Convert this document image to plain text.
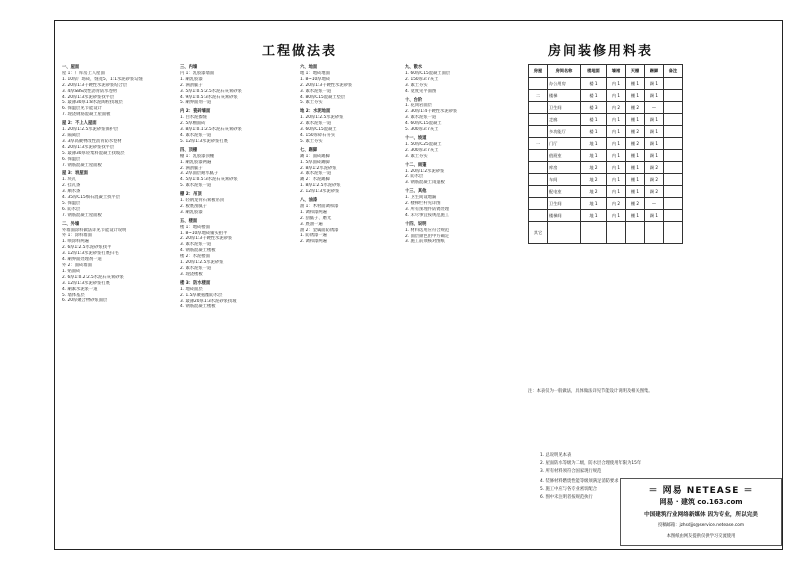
工程做法表	房间装修用料表
一、屋面
屋 1：厂库房上人屋面
1. 10厚广场砖，缝宽5，1:1水泥砂浆勾缝
2. 20厚1:3干硬性水泥砂浆结合层
3. 4厚SBS改性沥青防水卷材
4. 20厚1:3水泥砂浆找平层
5. 最薄30厚1:8水泥陶粒找坡层
6. 保温层见节能设计
7. 现浇钢筋混凝土屋面板
屋 2：不上人屋面
1. 20厚1:2.5水泥砂浆保护层
2. 隔离层
3. 3厚高聚物改性沥青防水卷材
4. 20厚1:3水泥砂浆找平层
5. 最薄30厚轻集料混凝土找坡层
6. 保温层
7. 钢筋混凝土屋面板
屋 3：坡屋面
1. 块瓦
2. 挂瓦条
3. 顺水条
4. 35厚C15细石混凝土找平层
5. 保温层
6. 防水层
7. 钢筋混凝土屋面板
二、外墙
外墙面涂料做法详见节能设计说明
外 1：涂料墙面
1. 喷涂料两遍
2. 6厚1:2.5水泥砂浆找平
3. 12厚1:3水泥砂浆打底扫毛
4. 刷界面处理剂一道
外 2：面砖墙面
1. 贴面砖
2. 6厚1:0.2:2.5水泥石灰膏砂浆
3. 12厚1:3水泥砂浆打底
4. 刷素水泥浆一道
5. 墙体基层
6. 20厚聚合物砂浆面层
三、内墙
内 1：乳胶漆墙面
1. 刷乳胶漆
2. 满刮腻子
3. 5厚1:0.5:2.5水泥石灰膏砂浆
4. 9厚1:0.5:3水泥石灰膏砂浆
5. 刷界面剂一道
内 2：瓷砖墙面
1. 白水泥擦缝
2. 5厚釉面砖
3. 8厚1:0.1:2.5水泥石灰膏砂浆
4. 素水泥浆一道
5. 12厚1:3水泥砂浆打底
四、顶棚
棚 1：乳胶漆顶棚
1. 刷乳胶漆两遍
2. 满刮腻子
3. 2厚面层耐水腻子
4. 5厚1:0.5:3水泥石灰膏砂浆
5. 素水泥浆一道
棚 2：吊顶
1. 轻钢龙骨石膏板吊顶
2. 板底刮腻子
3. 刷乳胶漆
五、楼面
楼 1：地砖楼面
1. 8~10厚地砖铺实拍平
2. 20厚1:3干硬性水泥砂浆
3. 素水泥浆一道
4. 钢筋混凝土楼板
楼 2：水泥楼面
1. 20厚1:2.5水泥砂浆
2. 素水泥浆一道
3. 现浇楼板
楼 3：防水楼面
1. 地砖面层
2. 1.5厚聚氨酯防水层
3. 最薄20厚1:3水泥砂浆找坡
4. 钢筋混凝土楼板
六、地面
地 1：地砖地面
1. 8~10厚地砖
2. 20厚1:3干硬性水泥砂浆
3. 素水泥浆一道
4. 80厚C15混凝土垫层
5. 素土夯实
地 2：水泥地面
1. 20厚1:2.5水泥砂浆
2. 素水泥浆一道
3. 60厚C15混凝土
4. 150厚碎石夯实
5. 素土夯实
七、踢脚
踢 1：面砖踢脚
1. 5厚面砖踢脚
2. 8厚1:2水泥砂浆
3. 素水泥浆一道
踢 2：水泥踢脚
1. 8厚1:2.5水泥砂浆
2. 12厚1:3水泥砂浆
八、油漆
油 1：木材面调和漆
1. 调和漆两遍
2. 刮腻子、磨光
3. 底油一遍
油 2：金属面防锈漆
1. 防锈漆一遍
2. 调和漆两遍
九、散水
1. 60厚C15混凝土面层
2. 150厚3:7灰土
3. 素土夯实
4. 宽度见平面图
十、台阶
1. 花岗岩面层
2. 30厚1:4干硬性水泥砂浆
3. 素水泥浆一道
4. 60厚C15混凝土
5. 300厚3:7灰土
十一、坡道
1. 50厚C25混凝土
2. 300厚3:7灰土
3. 素土夯实
十二、雨篷
1. 20厚1:2水泥砂浆
2. 防水层
3. 钢筋混凝土雨篷板
十三、其他
1. 卫生间设地漏
2. 楼梯栏杆见详图
3. 所有预埋件防锈处理
4. 未尽事宜按规范施工
十四、说明
1. 材料选用应符合规范
2. 面层颜色由甲方确定
3. 施工前须核对图纸
房屋	房间名称	楼地面	墙裙	天棚	踢脚	备注
	办公用房	楼 1	内 1	棚 1	踢 1	
二	楼梯	楼 1	内 1	棚 1	踢 1	
	卫生间	楼 3	内 2	棚 2	—	
	走廊	楼 1	内 1	棚 1	踢 1	
	多功能厅	楼 1	内 1	棚 2	踢 1	
一	门厅	地 1	内 1	棚 2	踢 1	
	值班室	地 1	内 1	棚 1	踢 1	
	库房	地 2	内 1	棚 1	踢 2	
	车间	地 2	内 1	棚 1	踢 2	
	配电室	地 2	内 1	棚 1	踢 2	
	卫生间	地 1	内 2	棚 2	—	
	楼梯间	地 1	内 1	棚 1	踢 1	
其它						
注：本表仅为一般做法，具体做法详见节能设计说明及相关图集。
1. 总说明见本表
2. 屋面防水等级为二级，防水层合理使用年限为15年
3. 所有材料须符合国家现行规范
4. 装修材料燃烧性能等级须满足消防要求
5. 施工中应与各专业密切配合
6. 图中未注明者按规范执行
＝ 网易 NETEASE ＝
网易 · 建筑 co.163.com
中国建筑行业网络新媒体 因为专业，所以完美
投稿邮箱：jzhsdjjs@service.netease.com
本图纸由网友提供仅供学习交流使用
